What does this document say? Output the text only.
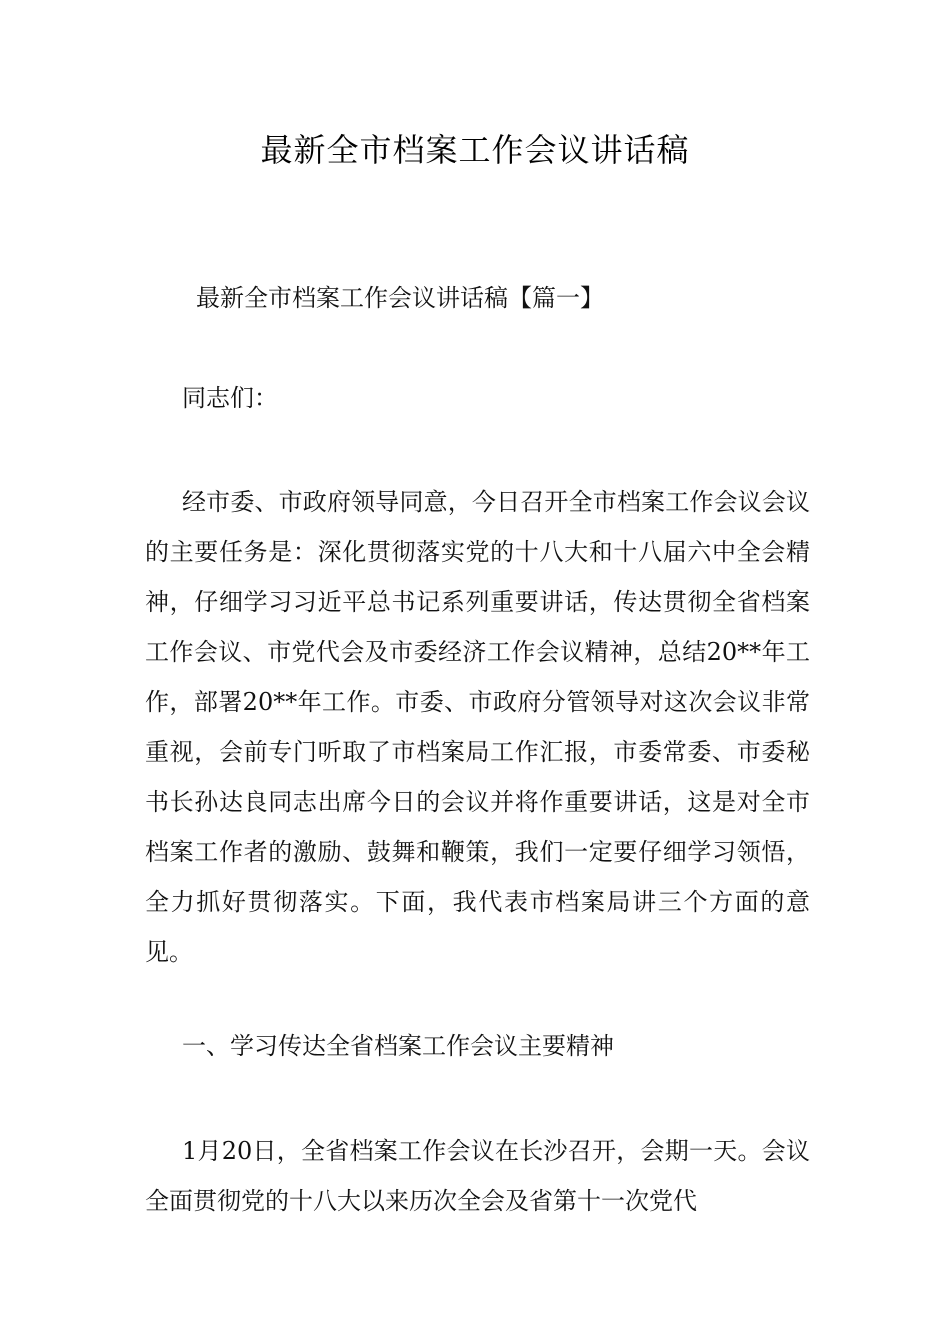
最新全市档案工作会议讲话稿
最新全市档案工作会议讲话稿【篇一】
同志们：

经市委、市政府领导同意，今日召开全市档案工作会议会议的主要任务是：深化贯彻落实党的十八大和十八届六中全会精神，仔细学习习近平总书记系列重要讲话，传达贯彻全省档案工作会议、市党代会及市委经济工作会议精神，总结20**年工作，部署20**年工作。市委、市政府分管领导对这次会议非常重视，会前专门听取了市档案局工作汇报，市委常委、市委秘书长孙达良同志出席今日的会议并将作重要讲话，这是对全市档案工作者的激励、鼓舞和鞭策，我们一定要仔细学习领悟，全力抓好贯彻落实。下面，我代表市档案局讲三个方面的意见。

一、学习传达全省档案工作会议主要精神

1月20日，全省档案工作会议在长沙召开，会期一天。会议全面贯彻党的十八大以来历次全会及省第十一次党代
